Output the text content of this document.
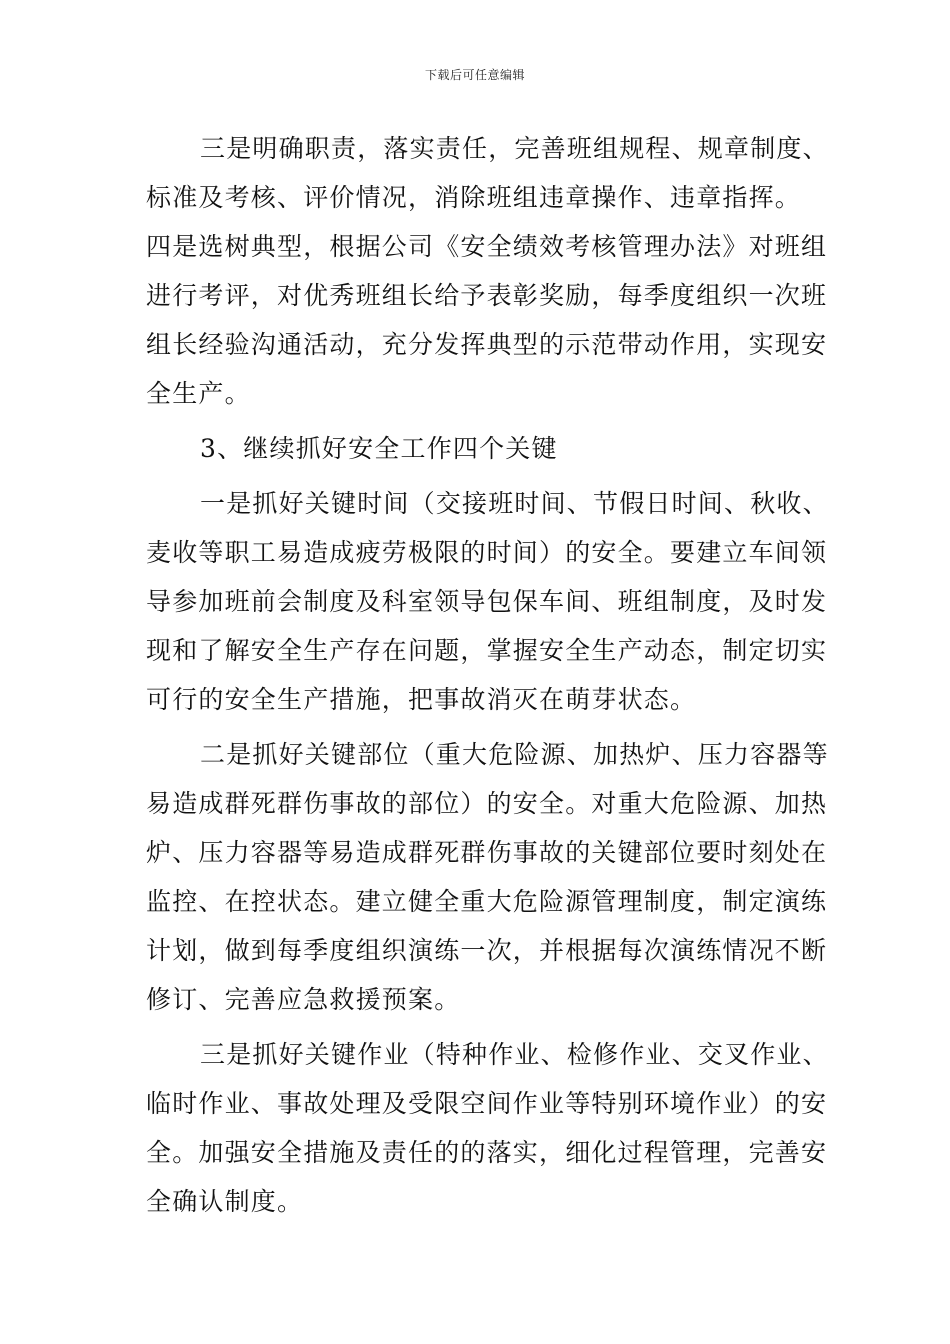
下载后可任意编辑

三是明确职责，落实责任，完善班组规程、规章制度、标准及考核、评价情况，消除班组违章操作、违章指挥。

四是选树典型，根据公司《安全绩效考核管理办法》对班组进行考评，对优秀班组长给予表彰奖励，每季度组织一次班组长经验沟通活动，充分发挥典型的示范带动作用，实现安全生产。

3、继续抓好安全工作四个关键

一是抓好关键时间（交接班时间、节假日时间、秋收、麦收等职工易造成疲劳极限的时间）的安全。要建立车间领导参加班前会制度及科室领导包保车间、班组制度，及时发现和了解安全生产存在问题，掌握安全生产动态，制定切实可行的安全生产措施，把事故消灭在萌芽状态。

二是抓好关键部位（重大危险源、加热炉、压力容器等易造成群死群伤事故的部位）的安全。对重大危险源、加热炉、压力容器等易造成群死群伤事故的关键部位要时刻处在监控、在控状态。建立健全重大危险源管理制度，制定演练计划，做到每季度组织演练一次，并根据每次演练情况不断修订、完善应急救援预案。

三是抓好关键作业（特种作业、检修作业、交叉作业、临时作业、事故处理及受限空间作业等特别环境作业）的安全。加强安全措施及责任的的落实，细化过程管理，完善安全确认制度。
